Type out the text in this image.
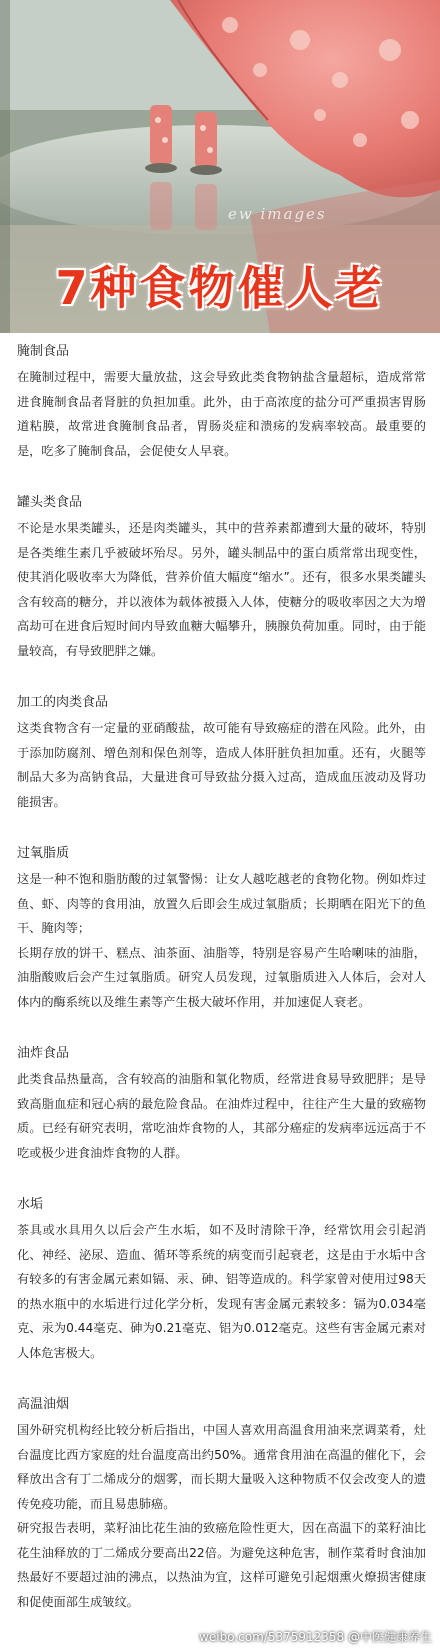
ew images
7种食物催人老
腌制食品

在腌制过程中，需要大量放盐，这会导致此类食物钠盐含量超标，造成常常进食腌制食品者肾脏的负担加重。此外，由于高浓度的盐分可严重损害胃肠道粘膜，故常进食腌制食品者，胃肠炎症和溃疡的发病率较高。最重要的是，吃多了腌制食品，会促使女人早衰。

罐头类食品

不论是水果类罐头，还是肉类罐头，其中的营养素都遭到大量的破坏，特别是各类维生素几乎被破坏殆尽。另外，罐头制品中的蛋白质常常出现变性，使其消化吸收率大为降低，营养价值大幅度“缩水”。还有，很多水果类罐头含有较高的糖分，并以液体为载体被摄入人体，使糖分的吸收率因之大为增高劫可在进食后短时间内导致血糖大幅攀升，胰腺负荷加重。同时，由于能量较高，有导致肥胖之嫌。

加工的肉类食品

这类食物含有一定量的亚硝酸盐，故可能有导致癌症的潜在风险。此外，由于添加防腐剂、增色剂和保色剂等，造成人体肝脏负担加重。还有，火腿等制品大多为高钠食品，大量进食可导致盐分摄入过高，造成血压波动及肾功能损害。

过氧脂质

这是一种不饱和脂肪酸的过氧警惕：让女人越吃越老的食物化物。例如炸过鱼、虾、肉等的食用油，放置久后即会生成过氧脂质；长期晒在阳光下的鱼干、腌肉等；

长期存放的饼干、糕点、油茶面、油脂等，特别是容易产生哈喇味的油脂，油脂酸败后会产生过氧脂质。研究人员发现，过氧脂质进入人体后，会对人体内的酶系统以及维生素等产生极大破坏作用，并加速促人衰老。

油炸食品

此类食品热量高，含有较高的油脂和氧化物质，经常进食易导致肥胖；是导致高脂血症和冠心病的最危险食品。在油炸过程中，往往产生大量的致癌物质。已经有研究表明，常吃油炸食物的人，其部分癌症的发病率远远高于不吃或极少进食油炸食物的人群。

水垢

茶具或水具用久以后会产生水垢，如不及时清除干净，经常饮用会引起消化、神经、泌尿、造血、循环等系统的病变而引起衰老，这是由于水垢中含有较多的有害金属元素如镉、汞、砷、铝等造成的。科学家曾对使用过98天的热水瓶中的水垢进行过化学分析，发现有害金属元素较多：镉为0.034毫克、汞为0.44毫克、砷为0.21毫克、铝为0.012毫克。这些有害金属元素对人体危害极大。

高温油烟

国外研究机构经比较分析后指出，中国人喜欢用高温食用油来烹调菜肴，灶台温度比西方家庭的灶台温度高出约50%。通常食用油在高温的催化下，会释放出含有丁二烯成分的烟雾，而长期大量吸入这种物质不仅会改变人的遗传免疫功能，而且易患肺癌。

研究报告表明，菜籽油比花生油的致癌危险性更大，因在高温下的菜籽油比花生油释放的丁二烯成分要高出22倍。为避免这种危害，制作菜肴时食油加热最好不要超过油的沸点，以热油为宜，这样可避免引起烟熏火燎损害健康和促使面部生成皱纹。

weibo.com/5375912358 @中医健康养生
